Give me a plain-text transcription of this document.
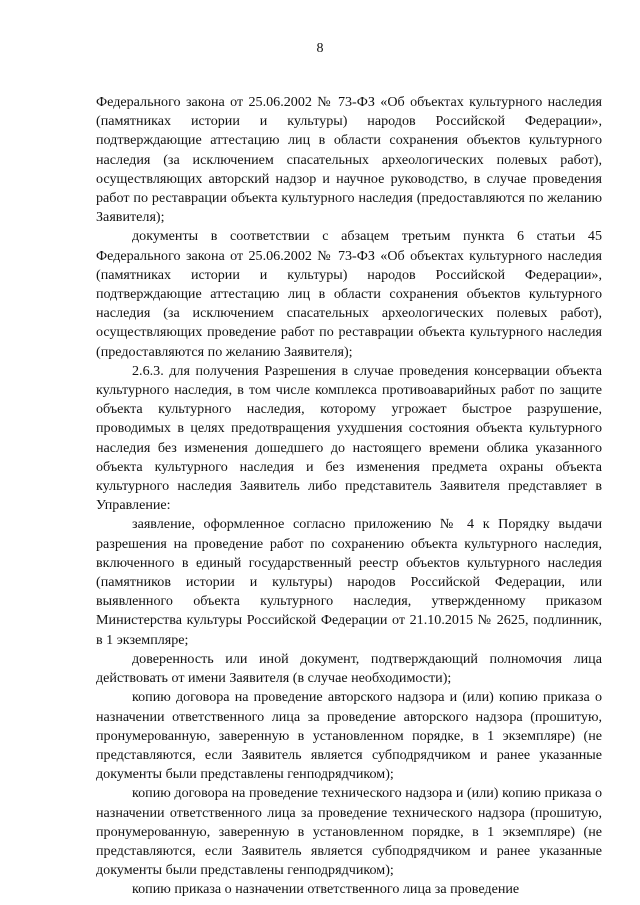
8

Федерального закона от 25.06.2002 № 73-ФЗ «Об объектах культурного наследия (памятниках истории и культуры) народов Российской Федерации», подтверждающие аттестацию лиц в области сохранения объектов культурного наследия (за исключением спасательных археологических полевых работ), осуществляющих авторский надзор и научное руководство, в случае проведения работ по реставрации объекта культурного наследия (предоставляются по желанию Заявителя);

документы в соответствии с абзацем третьим пункта 6 статьи 45 Федерального закона от 25.06.2002 № 73-ФЗ «Об объектах культурного наследия (памятниках истории и культуры) народов Российской Федерации», подтверждающие аттестацию лиц в области сохранения объектов культурного наследия (за исключением спасательных археологических полевых работ), осуществляющих проведение работ по реставрации объекта культурного наследия (предоставляются по желанию Заявителя);

2.6.3. для получения Разрешения в случае проведения консервации объекта культурного наследия, в том числе комплекса противоаварийных работ по защите объекта культурного наследия, которому угрожает быстрое разрушение, проводимых в целях предотвращения ухудшения состояния объекта культурного наследия без изменения дошедшего до настоящего времени облика указанного объекта культурного наследия и без изменения предмета охраны объекта культурного наследия Заявитель либо представитель Заявителя представляет в Управление:

заявление, оформленное согласно приложению № 4 к Порядку выдачи разрешения на проведение работ по сохранению объекта культурного наследия, включенного в единый государственный реестр объектов культурного наследия (памятников истории и культуры) народов Российской Федерации, или выявленного объекта культурного наследия, утвержденному приказом Министерства культуры Российской Федерации от 21.10.2015 № 2625, подлинник, в 1 экземпляре;

доверенность или иной документ, подтверждающий полномочия лица действовать от имени Заявителя (в случае необходимости);

копию договора на проведение авторского надзора и (или) копию приказа о назначении ответственного лица за проведение авторского надзора (прошитую, пронумерованную, заверенную в установленном порядке, в 1 экземпляре) (не представляются, если Заявитель является субподрядчиком и ранее указанные документы были представлены генподрядчиком);

копию договора на проведение технического надзора и (или) копию приказа о назначении ответственного лица за проведение технического надзора (прошитую, пронумерованную, заверенную в установленном порядке, в 1 экземпляре) (не представляются, если Заявитель является субподрядчиком и ранее указанные документы были представлены генподрядчиком);

копию приказа о назначении ответственного лица за проведение
